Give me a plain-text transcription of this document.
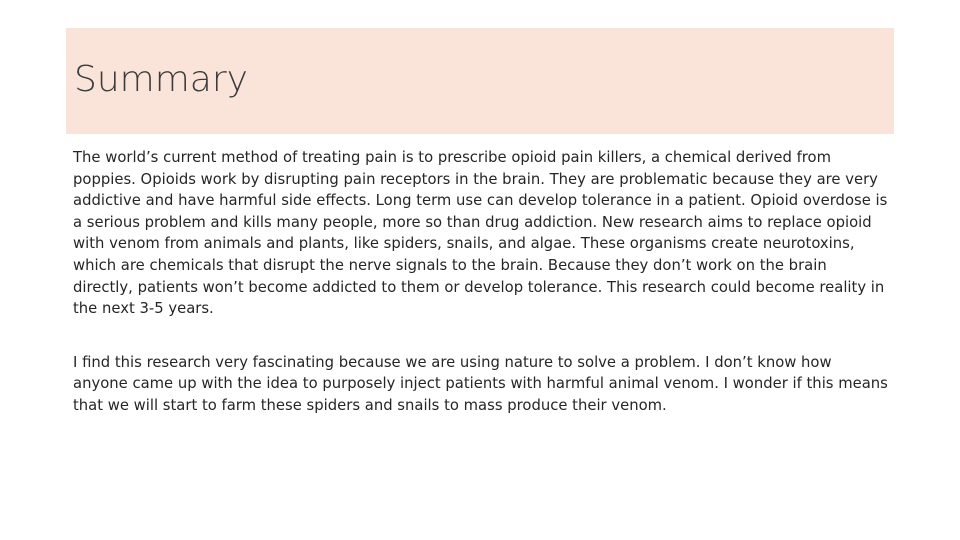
Summary

The world’s current method of treating pain is to prescribe opioid pain killers, a chemical derived from poppies. Opioids work by disrupting pain receptors in the brain. They are problematic because they are very addictive and have harmful side effects. Long term use can develop tolerance in a patient. Opioid overdose is a serious problem and kills many people, more so than drug addiction. New research aims to replace opioid with venom from animals and plants, like spiders, snails, and algae. These organisms create neurotoxins, which are chemicals that disrupt the nerve signals to the brain. Because they don’t work on the brain directly, patients won’t become addicted to them or develop tolerance. This research could become reality in the next 3-5 years.

I find this research very fascinating because we are using nature to solve a problem. I don’t know how anyone came up with the idea to purposely inject patients with harmful animal venom. I wonder if this means that we will start to farm these spiders and snails to mass produce their venom.
